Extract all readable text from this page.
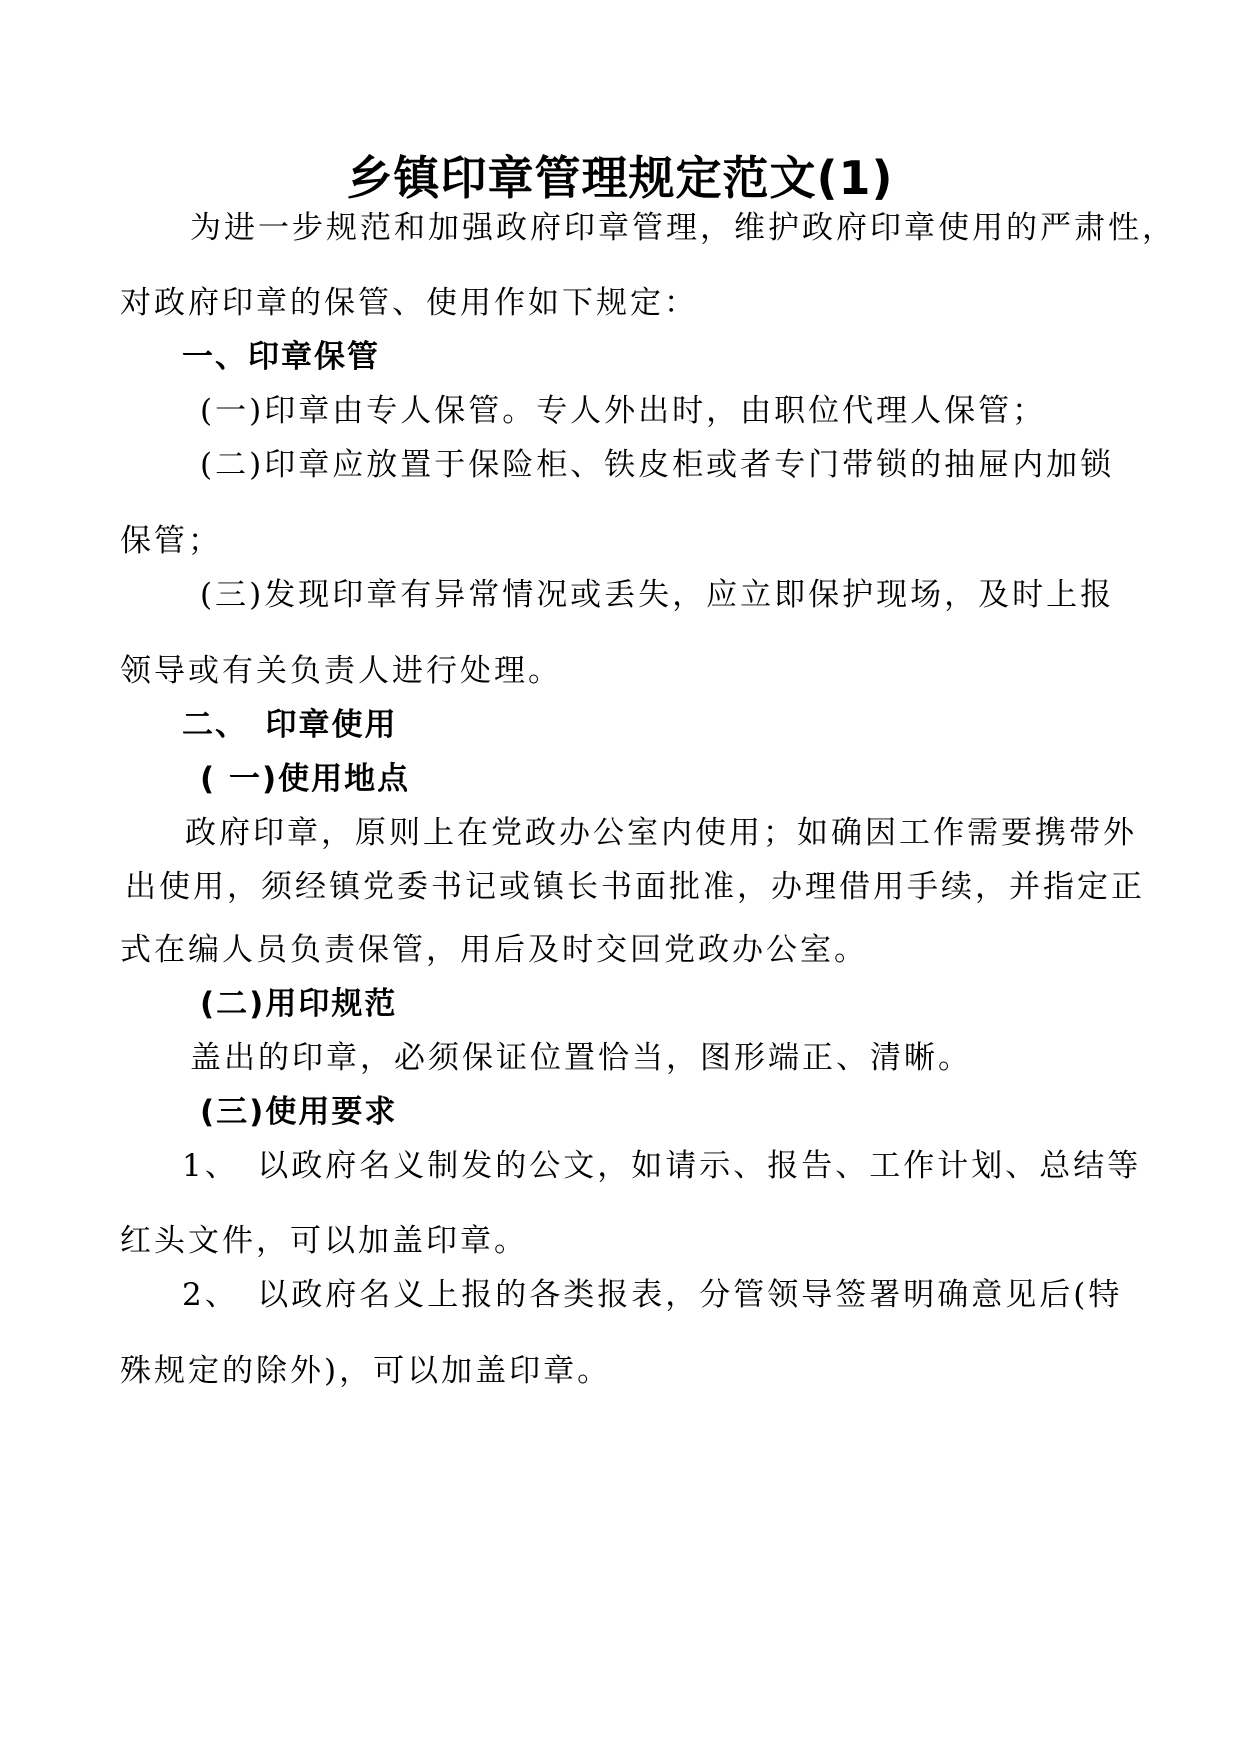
乡镇印章管理规定范文(1)
为进一步规范和加强政府印章管理，维护政府印章使用的严肃性，
对政府印章的保管、使用作如下规定：
一、印章保管
(一)印章由专人保管。专人外出时，由职位代理人保管；
(二)印章应放置于保险柜、铁皮柜或者专门带锁的抽屉内加锁
保管；
(三)发现印章有异常情况或丢失，应立即保护现场，及时上报
领导或有关负责人进行处理。
二、　印章使用
( 一)使用地点
政府印章，原则上在党政办公室内使用；如确因工作需要携带外
出使用，须经镇党委书记或镇长书面批准，办理借用手续，并指定正
式在编人员负责保管，用后及时交回党政办公室。
(二)用印规范
盖出的印章，必须保证位置恰当，图形端正、清晰。
(三)使用要求
1、　以政府名义制发的公文，如请示、报告、工作计划、总结等
红头文件，可以加盖印章。
2、　以政府名义上报的各类报表，分管领导签署明确意见后(特
殊规定的除外)，可以加盖印章。
